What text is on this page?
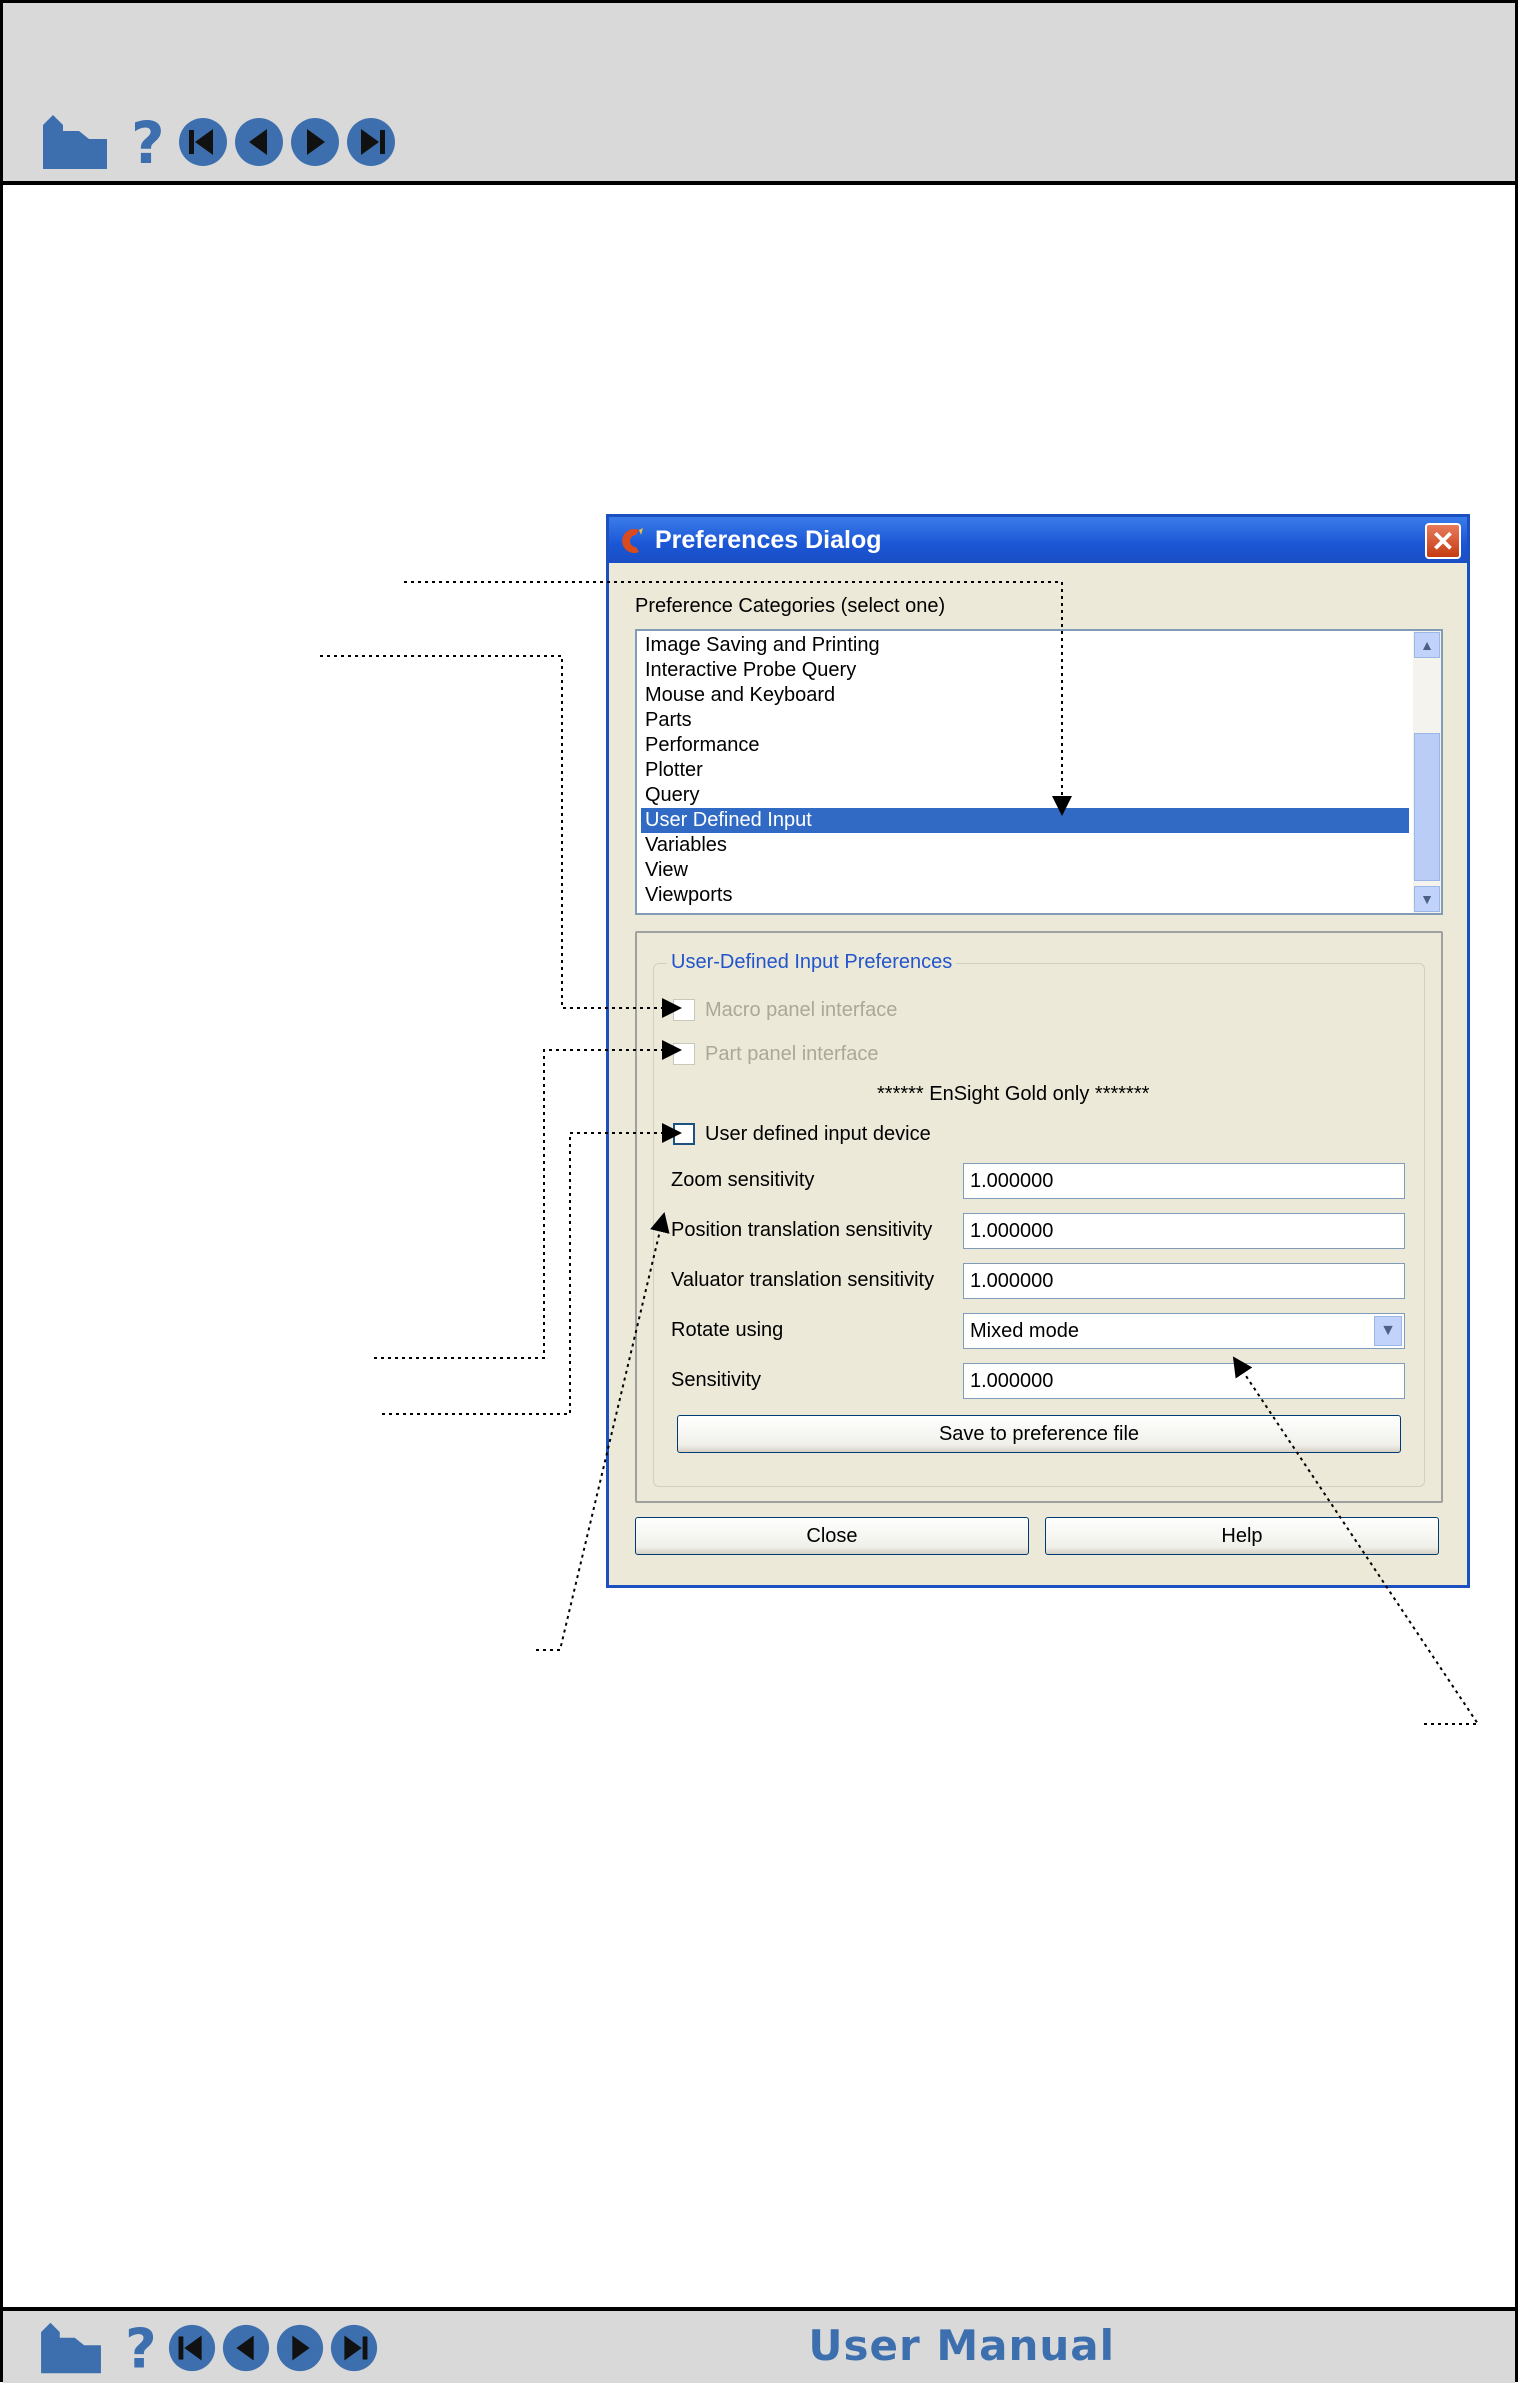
?
?	User Manual
Preferences Dialog	✕
Preference Categories (select one)
Image Saving and Printing
Interactive Probe Query
Mouse and Keyboard
Parts
Performance
Plotter
Query
User Defined Input
Variables
View
Viewports
▲
▼
User-Defined Input Preferences
Macro panel interface
Part panel interface
****** EnSight Gold only *******
User defined input device
Zoom sensitivity	1.000000
Position translation sensitivity	1.000000
Valuator translation sensitivity	1.000000
Rotate using	Mixed mode	▼
Sensitivity	1.000000
Save to preference file
Close	Help
